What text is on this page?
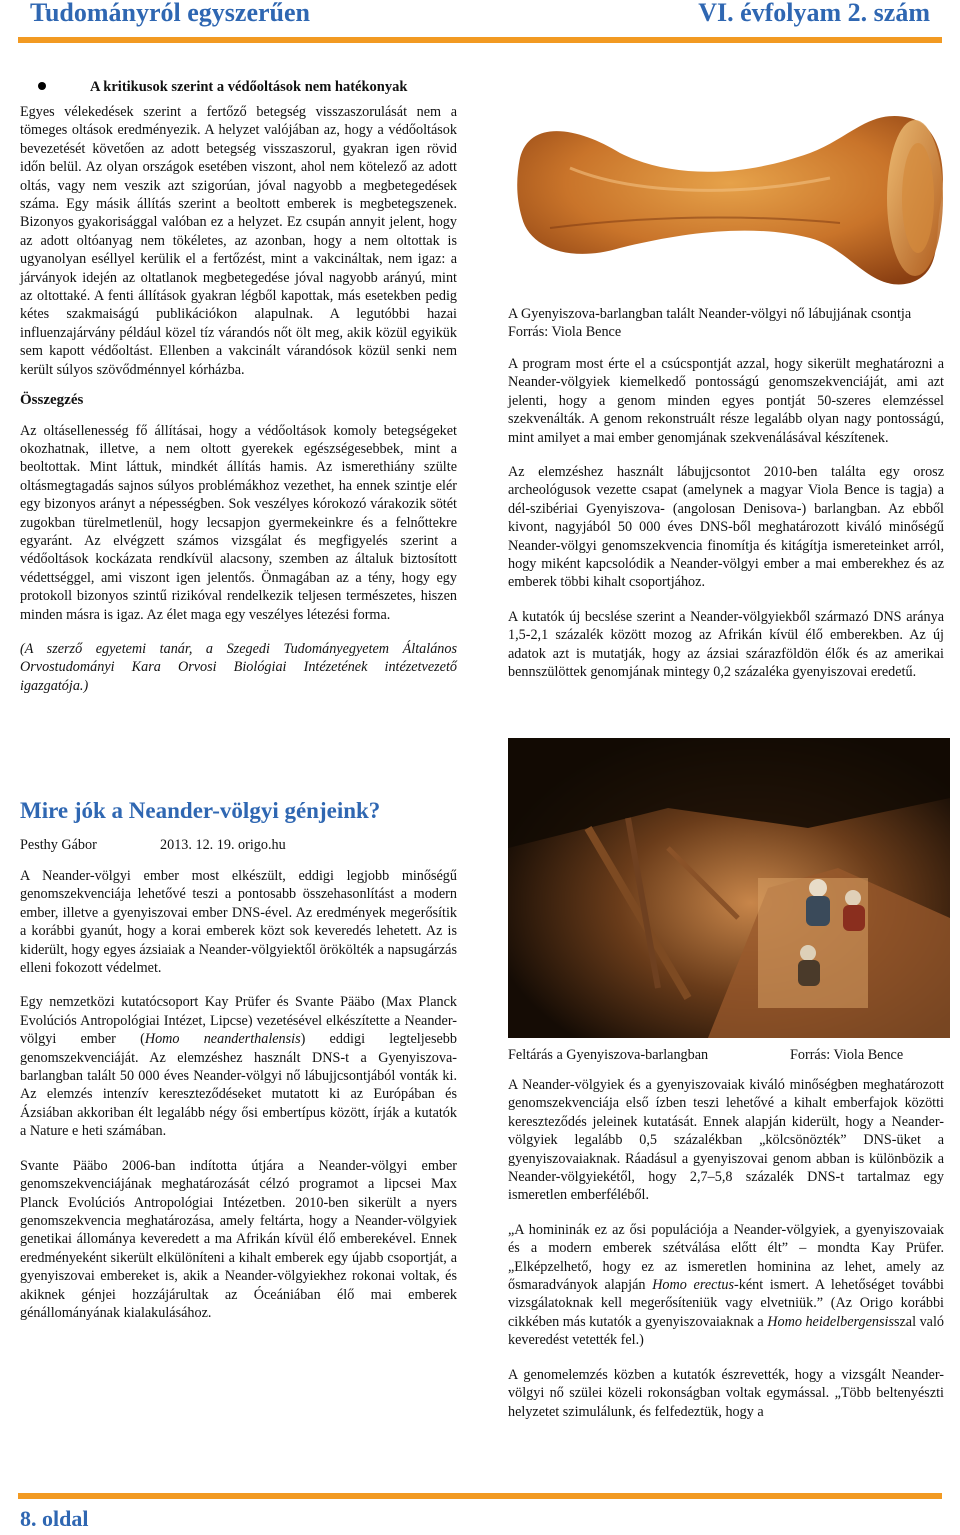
Tudományról egyszerűen	VI. évfolyam 2. szám
A kritikusok szerint a védőoltások nem hatékonyak

Egyes vélekedések szerint a fertőző betegség visszaszorulását nem a tömeges oltások eredményezik. A helyzet valójában az, hogy a védőoltások bevezetését követően az adott betegség visszaszorul, gyakran igen rövid időn belül. Az olyan országok esetében viszont, ahol nem kötelező az adott oltás, vagy nem veszik azt szigorúan, jóval nagyobb a megbetegedések száma. Egy másik állítás szerint a beoltott emberek is megbetegszenek. Bizonyos gyakorisággal valóban ez a helyzet. Ez csupán annyit jelent, hogy az adott oltóanyag nem tökéletes, az azonban, hogy a nem oltottak is ugyanolyan eséllyel kerülik el a fertőzést, mint a vakcináltak, nem igaz: a járványok idején az oltatlanok megbetegedése jóval nagyobb arányú, mint az oltottaké. A fenti állítások gyakran légből kapottak, más esetekben pedig kétes szakmaiságú publikációkon alapulnak. A legutóbbi hazai influenzajárvány például közel tíz várandós nőt ölt meg, akik közül egyikük sem kapott védőoltást. Ellenben a vakcinált várandósok közül senki nem került súlyos szövődménnyel kórházba.

Összegzés

Az oltásellenesség fő állításai, hogy a védőoltások komoly betegségeket okozhatnak, illetve, a nem oltott gyerekek egészségesebbek, mint a beoltottak. Mint láttuk, mindkét állítás hamis. Az ismerethiány szülte oltásmegtagadás sajnos súlyos problémákhoz vezethet, ha ennek szintje elér egy bizonyos arányt a népességben. Sok veszélyes kórokozó várakozik sötét zugokban türelmetlenül, hogy lecsapjon gyermekeinkre és a felnőttekre egyaránt. Az elvégzett számos vizsgálat és megfigyelés szerint a védőoltások kockázata rendkívül alacsony, szemben az általuk biztosított védettséggel, ami viszont igen jelentős. Önmagában az a tény, hogy egy protokoll bizonyos szintű rizikóval rendelkezik teljesen természetes, hiszen minden másra is igaz. Az élet maga egy veszélyes létezési forma.

(A szerző egyetemi tanár, a Szegedi Tudományegyetem Általános Orvostudományi Kara Orvosi Biológiai Intézetének intézetvezető igazgatója.)

Mire jók a Neander-völgyi génjeink?
Pesthy Gábor	2013. 12. 19. origo.hu

A Neander-völgyi ember most elkészült, eddigi legjobb minőségű genomszekvenciája lehetővé teszi a pontosabb összehasonlítást a modern ember, illetve a gyenyiszovai ember DNS-ével. Az eredmények megerősítik a korábbi gyanút, hogy a korai emberek közt sok keveredés lehetett. Az is kiderült, hogy egyes ázsiaiak a Neander-völgyiektől örökölték a napsugárzás elleni fokozott védelmet.

Egy nemzetközi kutatócsoport Kay Prüfer és Svante Pääbo (Max Planck Evolúciós Antropológiai Intézet, Lipcse) vezetésével elkészítette a Neander-völgyi ember (Homo neanderthalensis) eddigi legteljesebb genomszekvenciáját. Az elemzéshez használt DNS-t a Gyenyiszova-barlangban talált 50 000 éves Neander-völgyi nő lábujjcsontjából vonták ki. Az elemzés intenzív kereszteződéseket mutatott ki az Európában és Ázsiában akkoriban élt legalább négy ősi embertípus között, írják a kutatók a Nature e heti számában.

Svante Pääbo 2006-ban indította útjára a Neander-völgyi ember genomszekvenciájának meghatározását célzó programot a lipcsei Max Planck Evolúciós Antropológiai Intézetben. 2010-ben sikerült a nyers genomszekvencia meghatározása, amely feltárta, hogy a Neander-völgyiek genetikai állománya keveredett a ma Afrikán kívül élő emberekével. Ennek eredményeként sikerült elkülöníteni a kihalt emberek egy újabb csoportját, a gyenyiszovai embereket is, akik a Neander-völgyiekhez rokonai voltak, és akiknek génjei hozzájárultak az Óceániában élő mai emberek génállományának kialakulásához.

A Gyenyiszova-barlangban talált Neander-völgyi nő lábujjának csontja     Forrás: Viola Bence

A program most érte el a csúcspontját azzal, hogy sikerült meghatározni a Neander-völgyiek kiemelkedő pontosságú genomszekvenciáját, ami azt jelenti, hogy a genom minden egyes pontját 50-szeres elemzéssel szekvenálták. A genom rekonstruált része legalább olyan nagy pontosságú, mint amilyet a mai ember genomjának szekvenálásával készítenek.

Az elemzéshez használt lábujjcsontot 2010-ben találta egy orosz archeológusok vezette csapat (amelynek a magyar Viola Bence is tagja) a dél-szibériai Gyenyiszova- (angolosan Denisova-) barlangban. Az ebből kivont, nagyjából 50 000 éves DNS-ből meghatározott kiváló minőségű Neander-völgyi genomszekvencia finomítja és kitágítja ismereteinket arról, hogy miként kapcsolódik a Neander-völgyi ember a mai emberekhez és az emberek többi kihalt csoportjához.

A kutatók új becslése szerint a Neander-völgyiekből származó DNS aránya 1,5-2,1 százalék között mozog az Afrikán kívül élő emberekben. Az új adatok azt is mutatják, hogy az ázsiai szárazföldön élők és az amerikai bennszülöttek genomjának mintegy 0,2 százaléka gyenyiszovai eredetű.

Feltárás a Gyenyiszova-barlangban	Forrás: Viola Bence

A Neander-völgyiek és a gyenyiszovaiak kiváló minőségben meghatározott genomszekvenciája első ízben teszi lehetővé a kihalt emberfajok közötti kereszteződés jeleinek kutatását. Ennek alapján kiderült, hogy a Neander-völgyiek legalább 0,5 százalékban „kölcsönözték” DNS-üket a gyenyiszovaiaknak. Ráadásul a gyenyiszovai genom abban is különbözik a Neander-völgyiekétől, hogy 2,7–5,8 százalék DNS-t tartalmaz egy ismeretlen emberféléből.

„A homininák ez az ősi populációja a Neander-völgyiek, a gyenyiszovaiak és a modern emberek szétválása előtt élt” – mondta Kay Prüfer. „Elképzelhető, hogy ez az ismeretlen hominina az lehet, amely az ősmaradványok alapján Homo erectus-ként ismert. A lehetőséget további vizsgálatoknak kell megerősíteniük vagy elvetniük.” (Az Origo korábbi cikkében más kutatók a gyenyiszovaiaknak a Homo heidelbergensisszal való keveredést vetették fel.)

A genomelemzés közben a kutatók észrevették, hogy a vizsgált Neander-völgyi nő szülei közeli rokonságban voltak egymással. „Több beltenyészti helyzetet szimulálunk, és felfedeztük, hogy a

8. oldal
